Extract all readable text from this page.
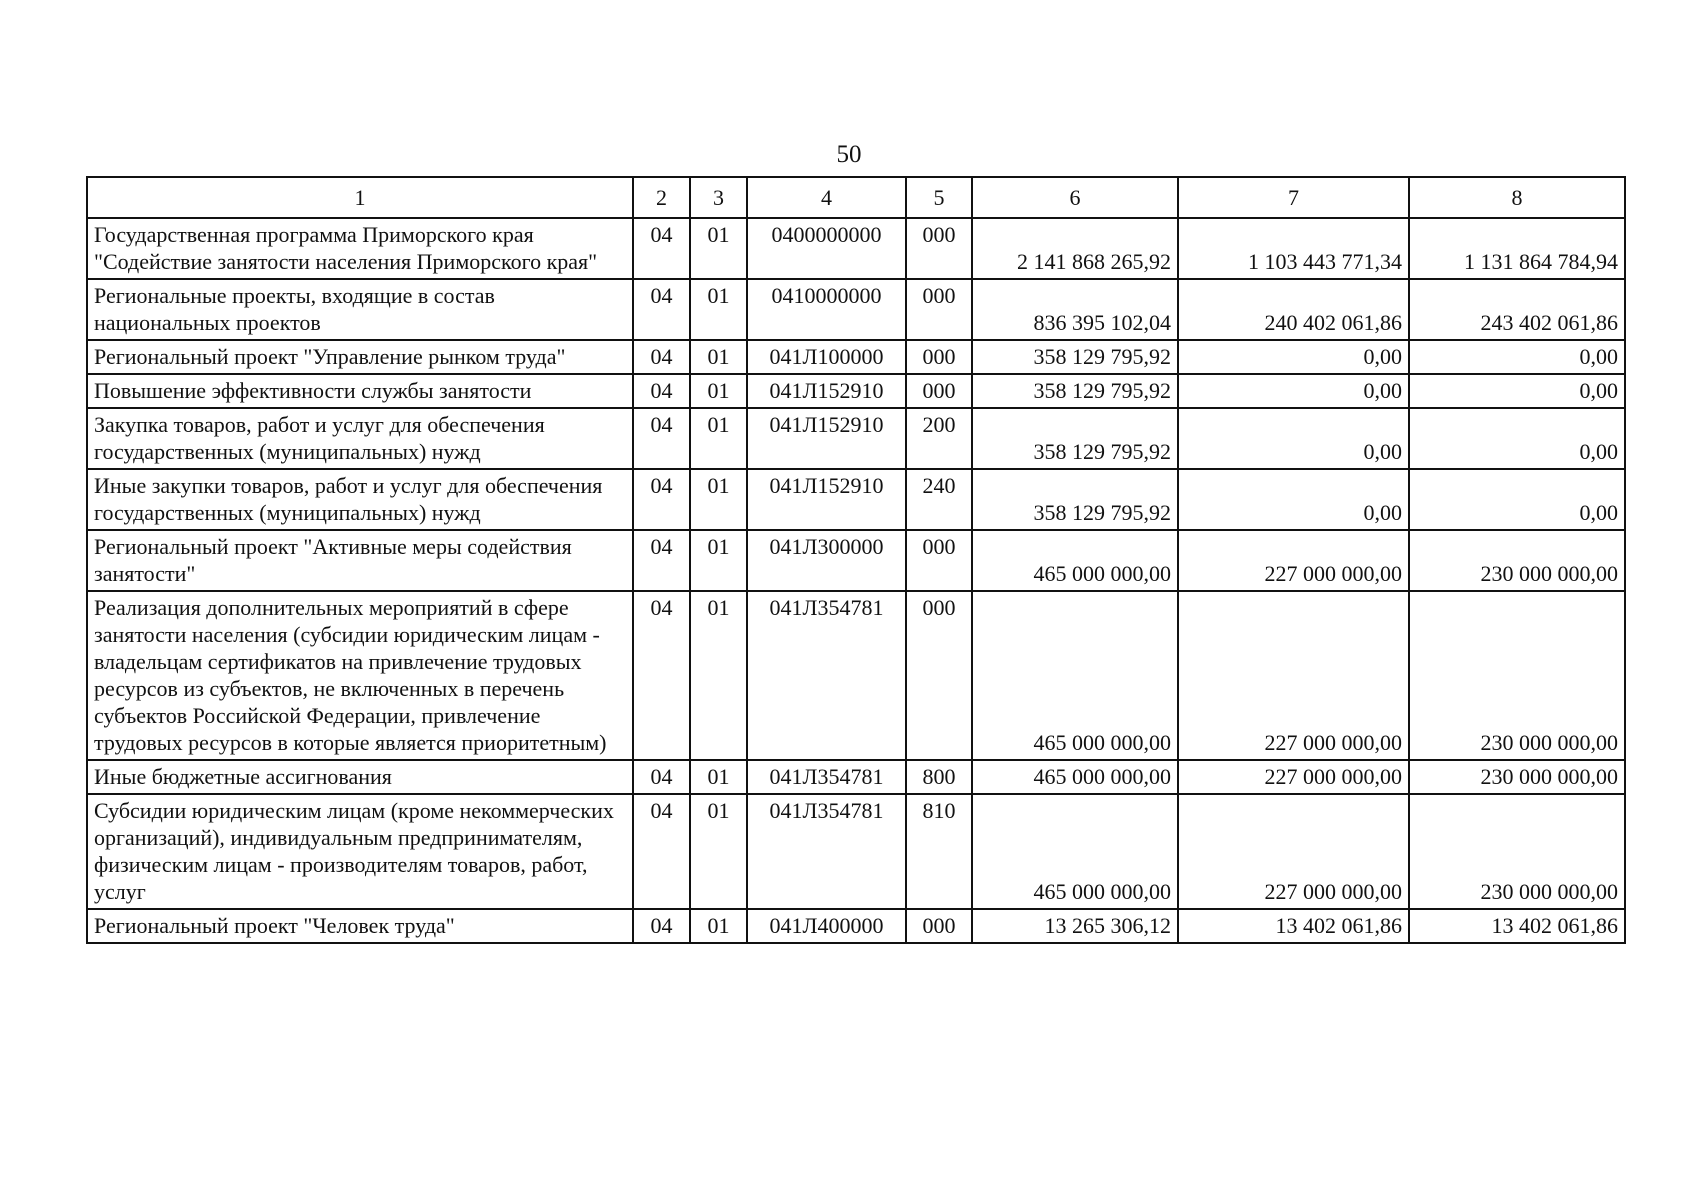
50
1	2	3	4	5	6	7	8
Государственная программа Приморского края "Содействие занятости населения Приморского края"	04	01	0400000000	000	2 141 868 265,92	1 103 443 771,34	1 131 864 784,94
Региональные проекты, входящие в состав национальных проектов	04	01	0410000000	000	836 395 102,04	240 402 061,86	243 402 061,86
Региональный проект "Управление рынком труда"	04	01	041Л100000	000	358 129 795,92	0,00	0,00
Повышение эффективности службы занятости	04	01	041Л152910	000	358 129 795,92	0,00	0,00
Закупка товаров, работ и услуг для обеспечения государственных (муниципальных) нужд	04	01	041Л152910	200	358 129 795,92	0,00	0,00
Иные закупки товаров, работ и услуг для обеспечения государственных (муниципальных) нужд	04	01	041Л152910	240	358 129 795,92	0,00	0,00
Региональный проект "Активные меры содействия занятости"	04	01	041Л300000	000	465 000 000,00	227 000 000,00	230 000 000,00
Реализация дополнительных мероприятий в сфере занятости населения (субсидии юридическим лицам - владельцам сертификатов на привлечение трудовых ресурсов из субъектов, не включенных в перечень субъектов Российской Федерации, привлечение трудовых ресурсов в которые является приоритетным)	04	01	041Л354781	000	465 000 000,00	227 000 000,00	230 000 000,00
Иные бюджетные ассигнования	04	01	041Л354781	800	465 000 000,00	227 000 000,00	230 000 000,00
Субсидии юридическим лицам (кроме некоммерческих организаций), индивидуальным предпринимателям, физическим лицам - производителям товаров, работ, услуг	04	01	041Л354781	810	465 000 000,00	227 000 000,00	230 000 000,00
Региональный проект "Человек труда"	04	01	041Л400000	000	13 265 306,12	13 402 061,86	13 402 061,86
